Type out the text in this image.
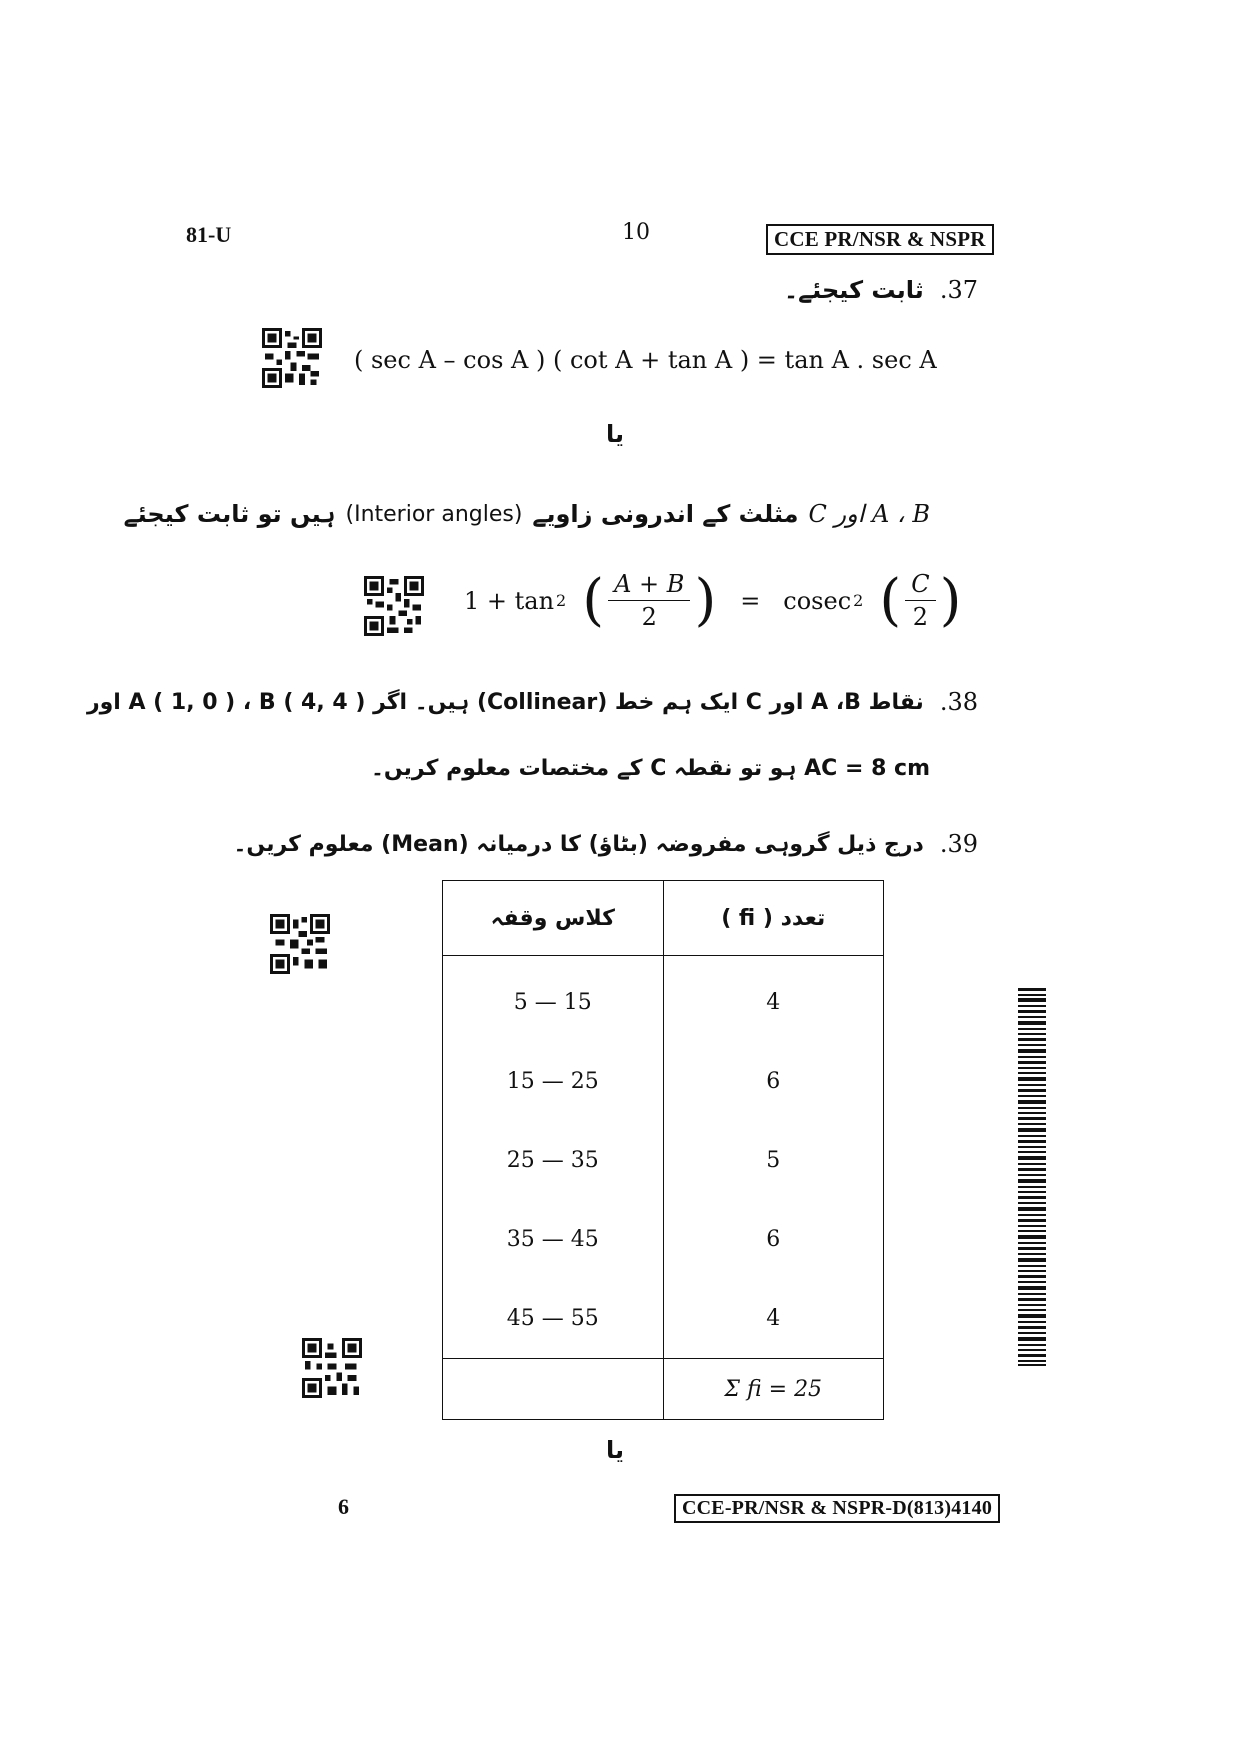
81-U	10	CCE PR/NSR & NSPR
ثابت کیجئے۔ .37
( sec A – cos A ) ( cot A + tan A ) = tan A . sec A
یا
A ، B اور C
مثلث کے اندرونی زاویے
(Interior angles)
ہیں تو ثابت کیجئے
1 + tan 2 ( $\frac{A + B}{2}$ ) =   cosec 2 ( $\frac{C}{2}$ )
نقاط A ،B اور C ایک ہم خط (Collinear) ہیں۔ اگر A ( 1, 0 ) ، B ( 4, 4 ) اور .38
AC = 8 cm ہو تو نقطہ C کے مختصات معلوم کریں۔
درج ذیل گروہی مفروضہ (بٹاؤ) کا درمیانہ (Mean) معلوم کریں۔ .39
کلاس وقفہ	تعدد ( fi )
5 — 15	4
15 — 25	6
25 — 35	5
35 — 45	6
45 — 55	4
	Σ fi = 25
یا
6	CCE-PR/NSR & NSPR-D(813)4140
